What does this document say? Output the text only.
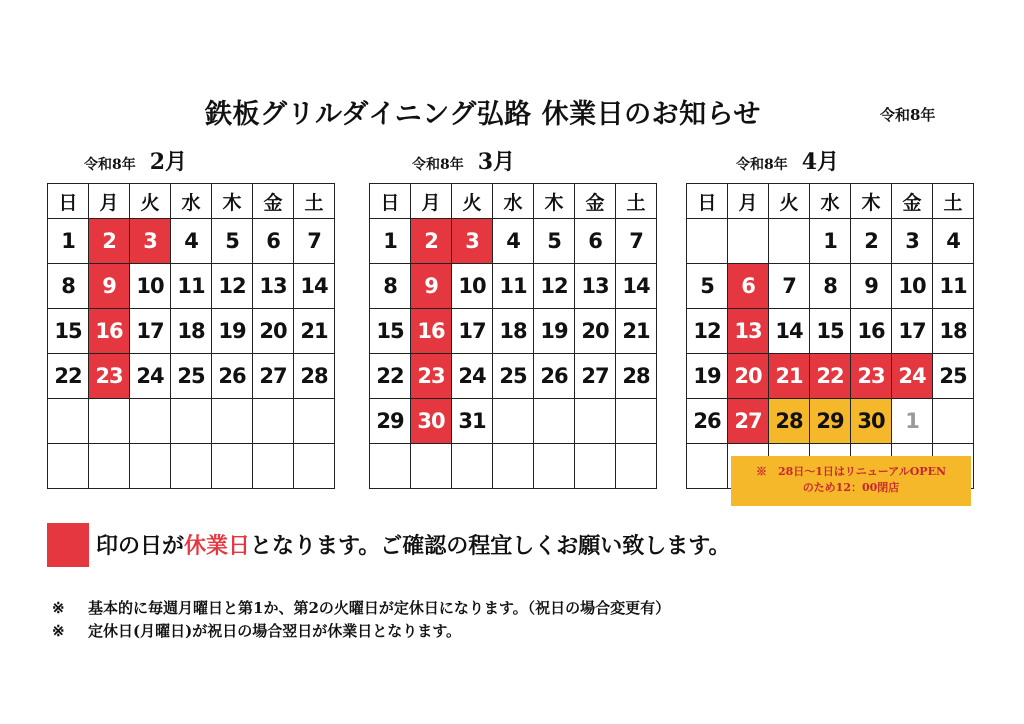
鉄板グリルダイニング弘路 休業日のお知らせ	令和8年
令和8年 2月	令和8年 3月	令和8年 4月
日	月	火	水	木	金	土
1	2	3	4	5	6	7
8	9	10	11	12	13	14
15	16	17	18	19	20	21
22	23	24	25	26	27	28

日	月	火	水	木	金	土
1	2	3	4	5	6	7
8	9	10	11	12	13	14
15	16	17	18	19	20	21
22	23	24	25	26	27	28
29	30	31				

日	月	火	水	木	金	土
			1	2	3	4
5	6	7	8	9	10	11
12	13	14	15	16	17	18
19	20	21	22	23	24	25
26	27	28	29	30	1	

※　28日～1日はリニューアルOPEN
のため12：00閉店
印の日が休業日となります。ご確認の程宜しくお願い致します。
※ 基本的に毎週月曜日と第1か、第2の火曜日が定休日になります。（祝日の場合変更有）
※ 定休日(月曜日)が祝日の場合翌日が休業日となります。
